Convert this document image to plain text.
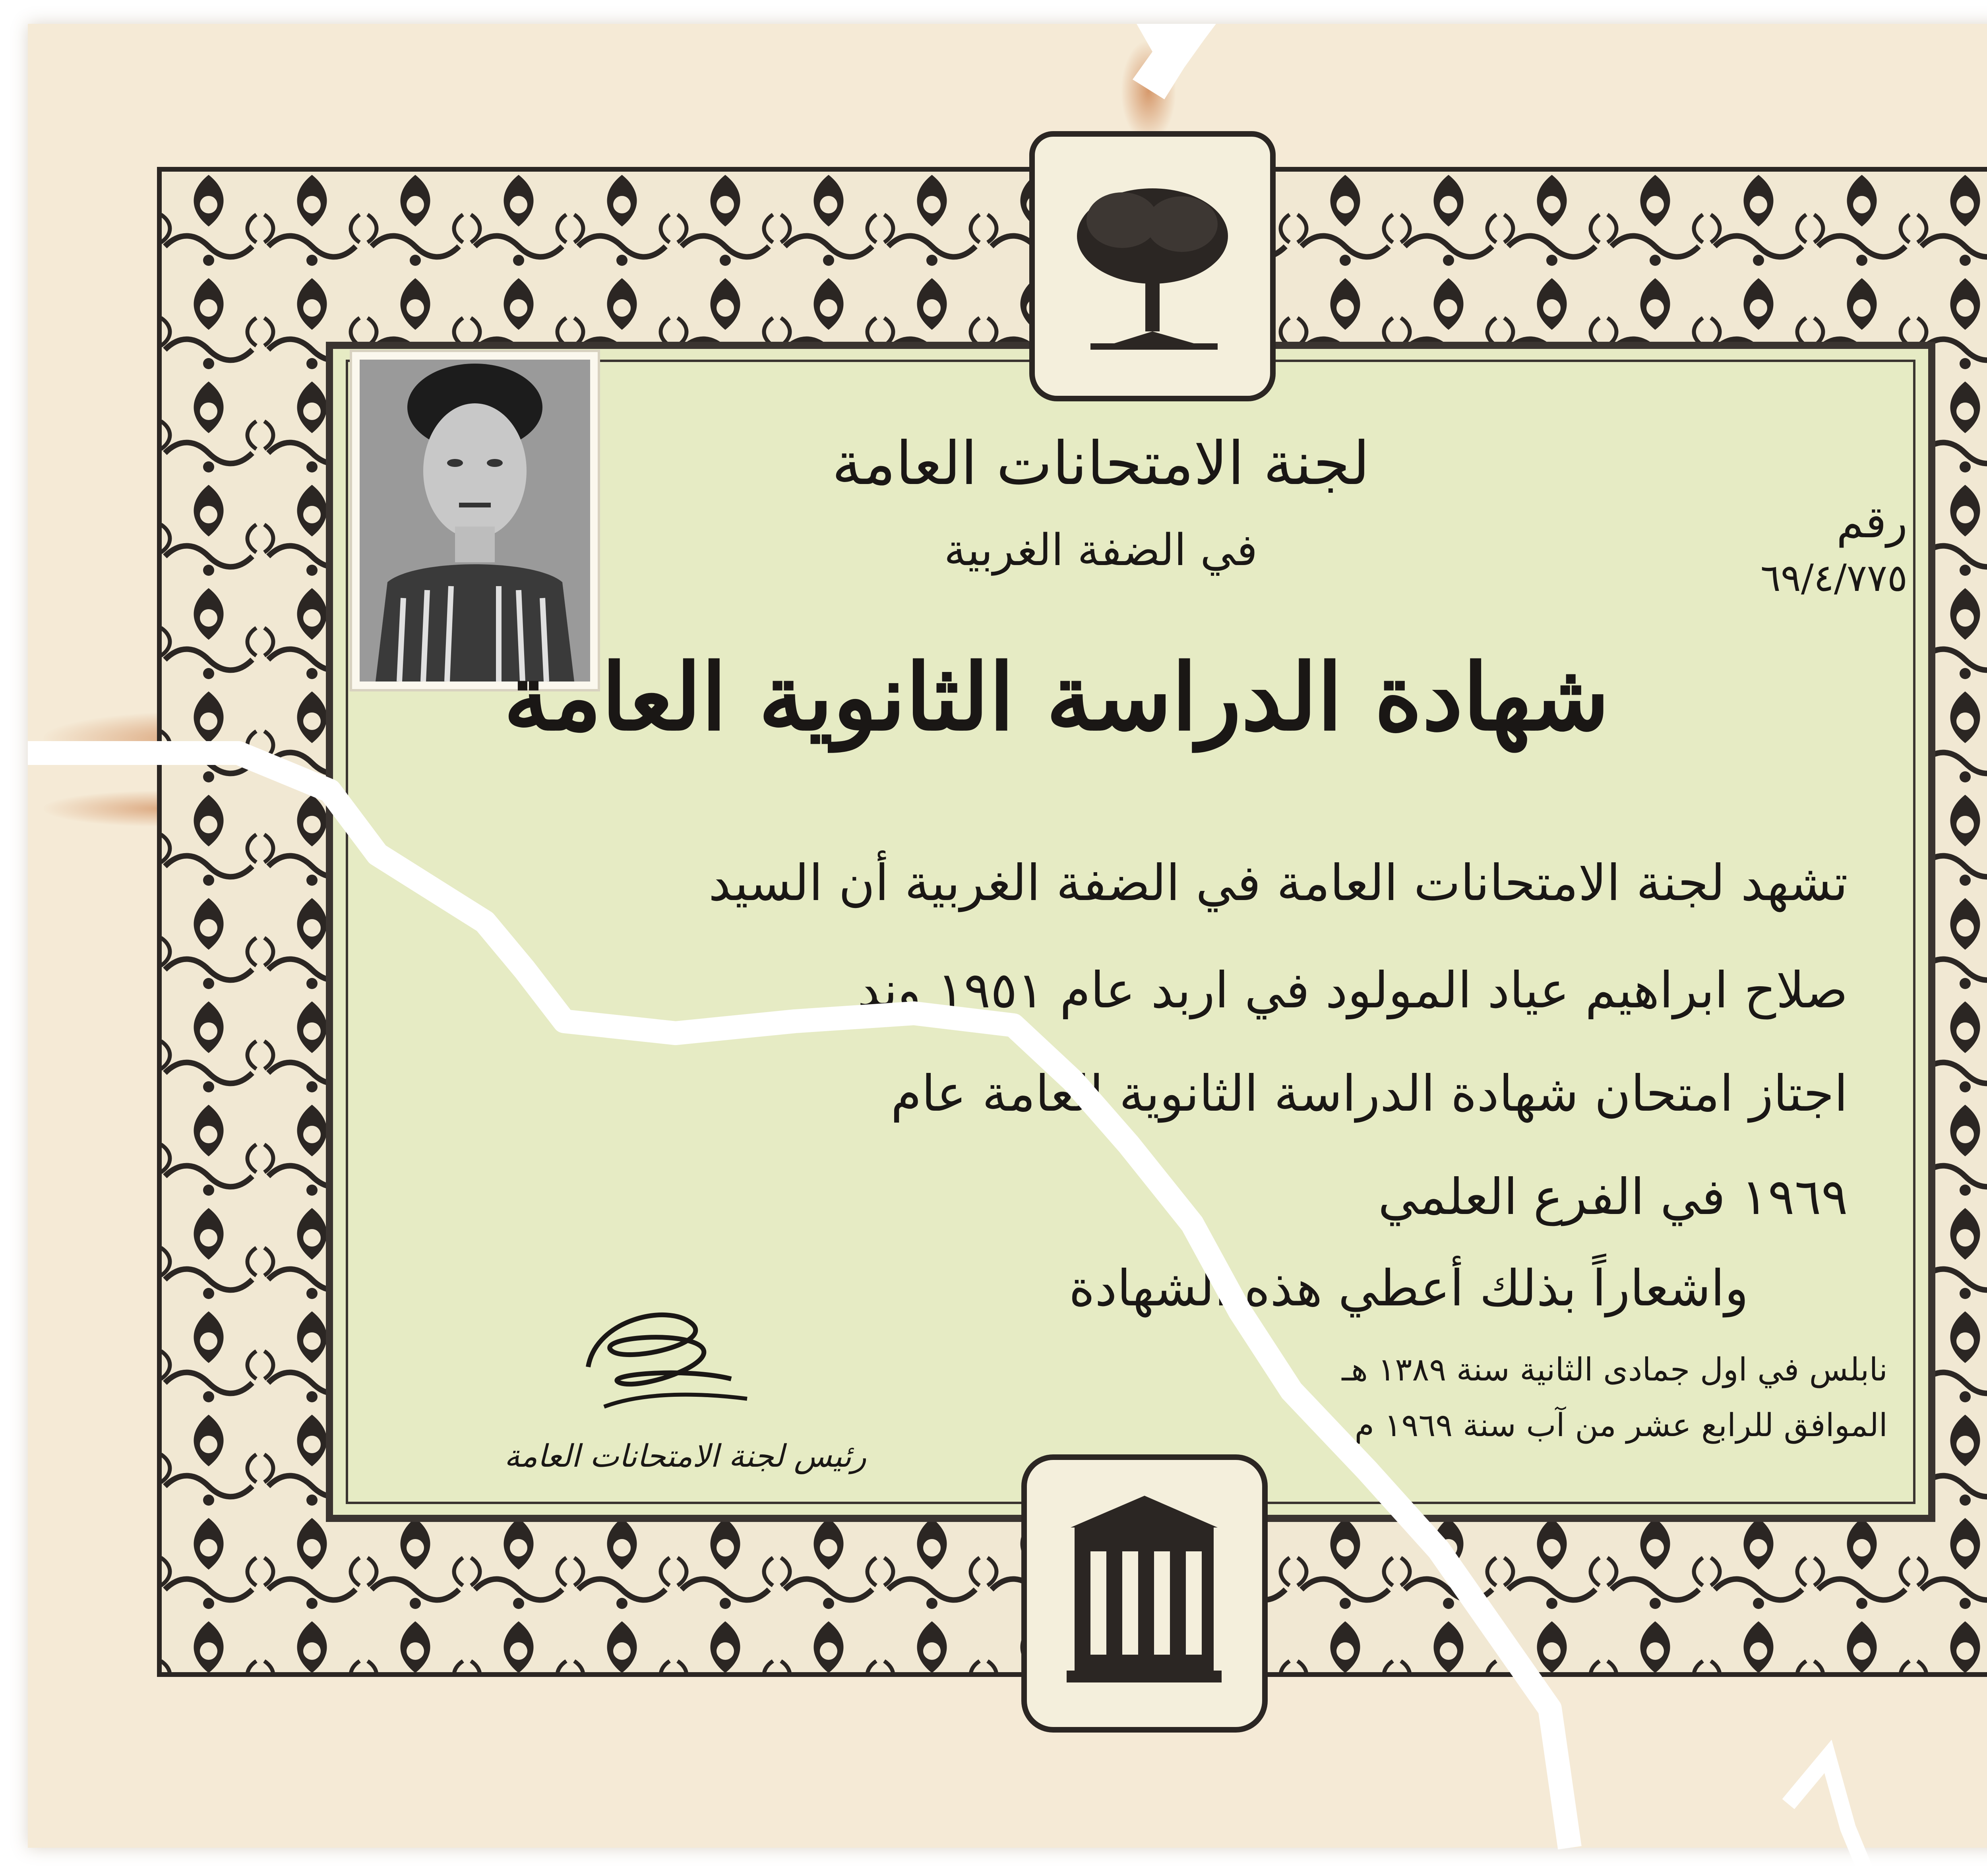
لجنة الامتحانات العامة
في الضفة الغربية
رقم
٦٩/٤/٧٧٥
شهادة الدراسة الثانوية العامة
تشهد لجنة الامتحانات العامة في الضفة الغربية أن السيد
صلاح ابراهيم عياد المولود في اربد عام ١٩٥١ وند
اجتاز امتحان شهادة الدراسة الثانوية العامة عام
١٩٦٩ في الفرع العلمي
واشعاراً بذلك أعطي هذه الشهادة
نابلس في اول جمادى الثانية سنة ١٣٨٩ هـ
الموافق للرابع عشر من آب سنة ١٩٦٩ م
رئيس لجنة الامتحانات العامة
